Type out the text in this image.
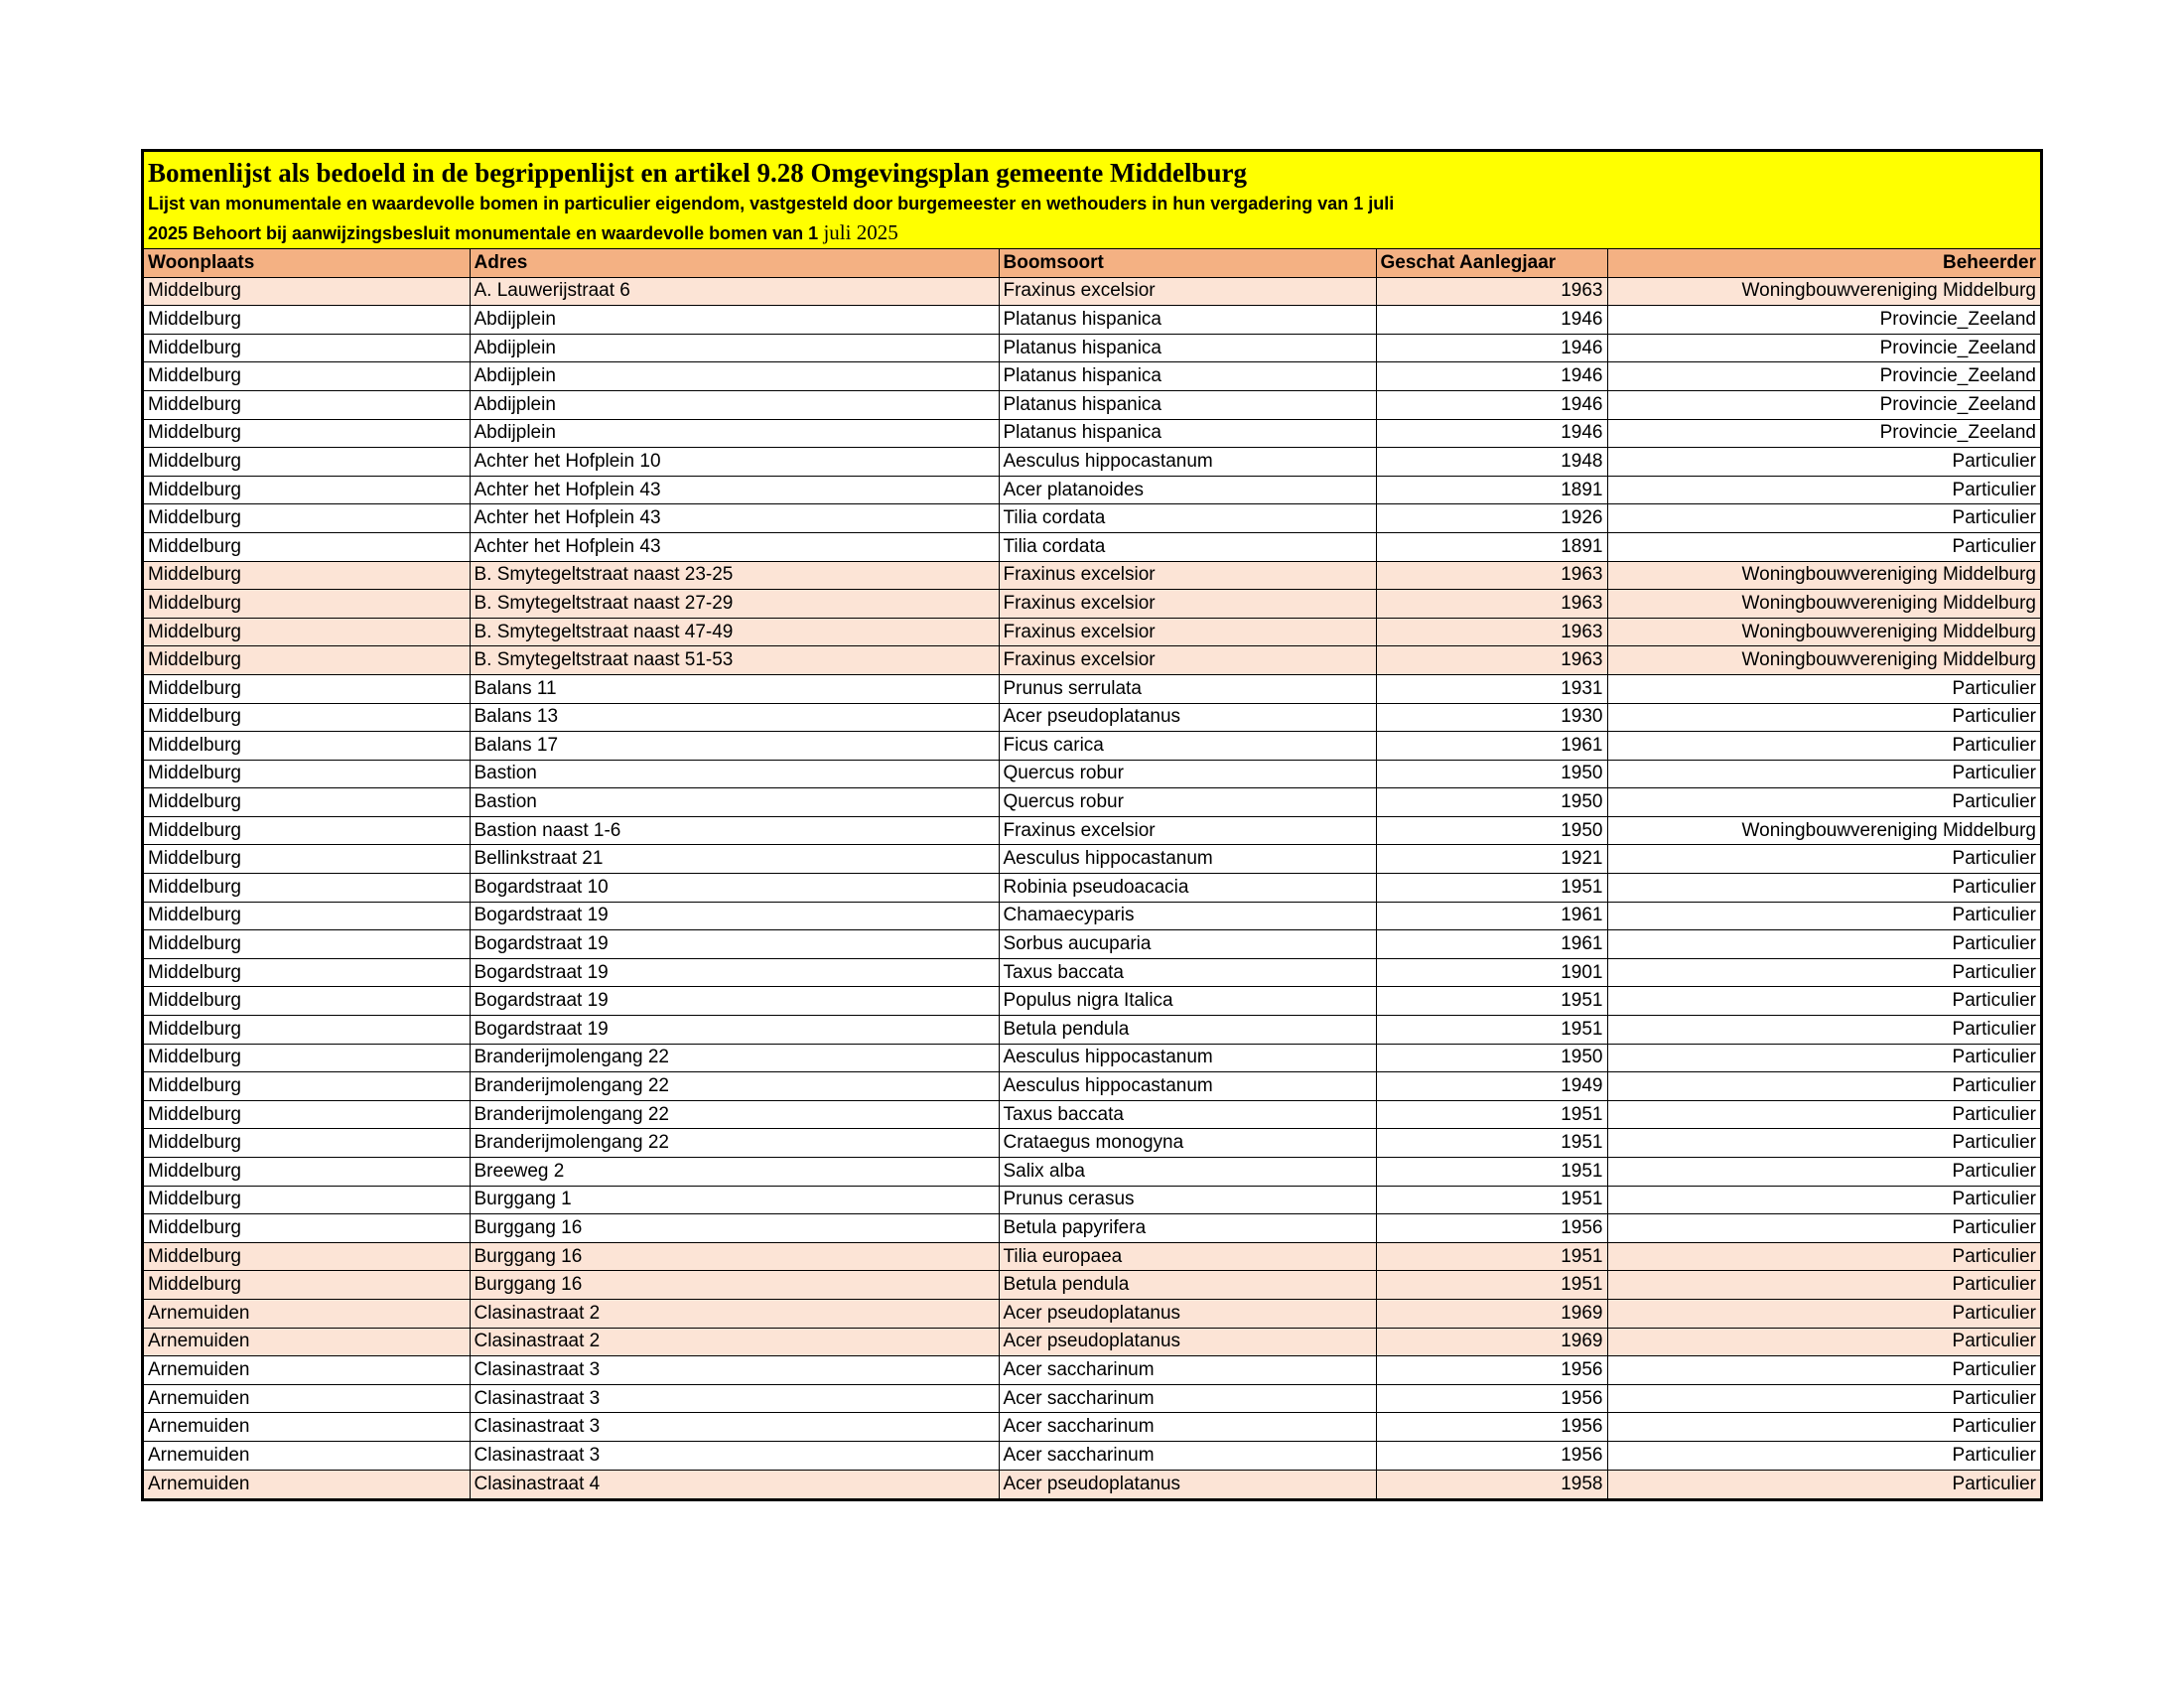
Bomenlijst als bedoeld in de begrippenlijst en artikel 9.28 Omgevingsplan gemeente Middelburg
Lijst van monumentale en waardevolle bomen in particulier eigendom, vastgesteld door burgemeester en wethouders in hun vergadering van 1 juli
2025 Behoort bij aanwijzingsbesluit monumentale en waardevolle bomen van 1 juli 2025
Woonplaats	Adres	Boomsoort	Geschat Aanlegjaar	Beheerder
Middelburg	A. Lauwerijstraat 6	Fraxinus excelsior	1963	Woningbouwvereniging Middelburg
Middelburg	Abdijplein	Platanus hispanica	1946	Provincie_Zeeland
Middelburg	Abdijplein	Platanus hispanica	1946	Provincie_Zeeland
Middelburg	Abdijplein	Platanus hispanica	1946	Provincie_Zeeland
Middelburg	Abdijplein	Platanus hispanica	1946	Provincie_Zeeland
Middelburg	Abdijplein	Platanus hispanica	1946	Provincie_Zeeland
Middelburg	Achter het Hofplein 10	Aesculus hippocastanum	1948	Particulier
Middelburg	Achter het Hofplein 43	Acer platanoides	1891	Particulier
Middelburg	Achter het Hofplein 43	Tilia cordata	1926	Particulier
Middelburg	Achter het Hofplein 43	Tilia cordata	1891	Particulier
Middelburg	B. Smytegeltstraat naast 23-25	Fraxinus excelsior	1963	Woningbouwvereniging Middelburg
Middelburg	B. Smytegeltstraat naast 27-29	Fraxinus excelsior	1963	Woningbouwvereniging Middelburg
Middelburg	B. Smytegeltstraat naast 47-49	Fraxinus excelsior	1963	Woningbouwvereniging Middelburg
Middelburg	B. Smytegeltstraat naast 51-53	Fraxinus excelsior	1963	Woningbouwvereniging Middelburg
Middelburg	Balans 11	Prunus serrulata	1931	Particulier
Middelburg	Balans 13	Acer pseudoplatanus	1930	Particulier
Middelburg	Balans 17	Ficus carica	1961	Particulier
Middelburg	Bastion	Quercus robur	1950	Particulier
Middelburg	Bastion	Quercus robur	1950	Particulier
Middelburg	Bastion naast 1-6	Fraxinus excelsior	1950	Woningbouwvereniging Middelburg
Middelburg	Bellinkstraat 21	Aesculus hippocastanum	1921	Particulier
Middelburg	Bogardstraat 10	Robinia pseudoacacia	1951	Particulier
Middelburg	Bogardstraat 19	Chamaecyparis	1961	Particulier
Middelburg	Bogardstraat 19	Sorbus aucuparia	1961	Particulier
Middelburg	Bogardstraat 19	Taxus baccata	1901	Particulier
Middelburg	Bogardstraat 19	Populus nigra Italica	1951	Particulier
Middelburg	Bogardstraat 19	Betula pendula	1951	Particulier
Middelburg	Branderijmolengang 22	Aesculus hippocastanum	1950	Particulier
Middelburg	Branderijmolengang 22	Aesculus hippocastanum	1949	Particulier
Middelburg	Branderijmolengang 22	Taxus baccata	1951	Particulier
Middelburg	Branderijmolengang 22	Crataegus monogyna	1951	Particulier
Middelburg	Breeweg 2	Salix alba	1951	Particulier
Middelburg	Burggang 1	Prunus cerasus	1951	Particulier
Middelburg	Burggang 16	Betula papyrifera	1956	Particulier
Middelburg	Burggang 16	Tilia europaea	1951	Particulier
Middelburg	Burggang 16	Betula pendula	1951	Particulier
Arnemuiden	Clasinastraat 2	Acer pseudoplatanus	1969	Particulier
Arnemuiden	Clasinastraat 2	Acer pseudoplatanus	1969	Particulier
Arnemuiden	Clasinastraat 3	Acer saccharinum	1956	Particulier
Arnemuiden	Clasinastraat 3	Acer saccharinum	1956	Particulier
Arnemuiden	Clasinastraat 3	Acer saccharinum	1956	Particulier
Arnemuiden	Clasinastraat 3	Acer saccharinum	1956	Particulier
Arnemuiden	Clasinastraat 4	Acer pseudoplatanus	1958	Particulier
